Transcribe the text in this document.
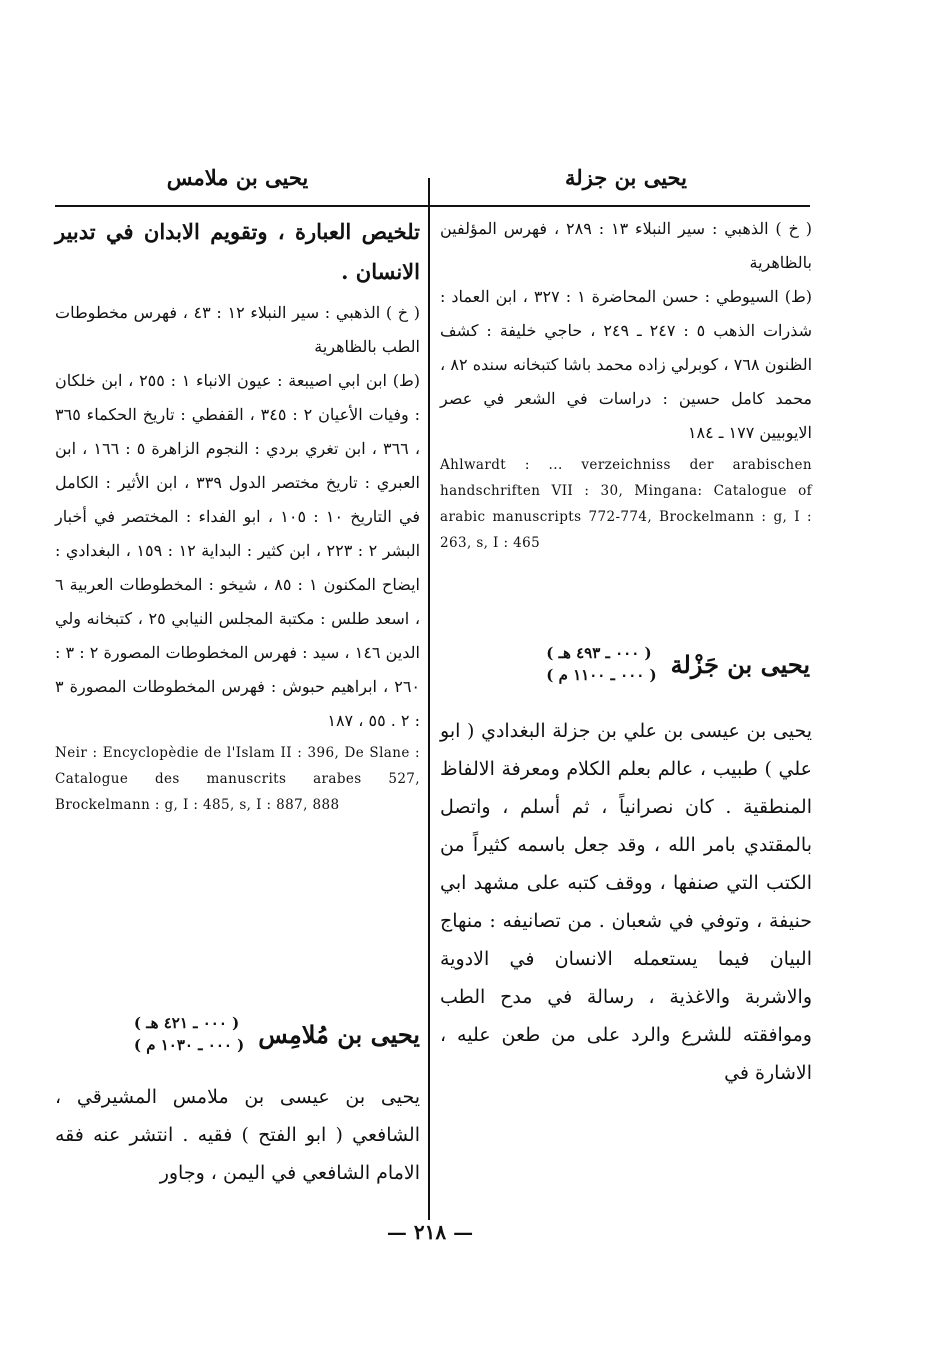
يحيى بن جزلة
يحيى بن ملامس

( خ ) الذهبي : سير النبلاء ١٣ : ٢٨٩ ، فهرس المؤلفين بالظاهرية

(ط) السيوطي : حسن المحاضرة ١ : ٣٢٧ ، ابن العماد : شذرات الذهب ٥ : ٢٤٧ ـ ٢٤٩ ، حاجي خليفة : كشف الظنون ٧٦٨ ، كوبرلي زاده محمد باشا كتبخانه سنده ٨٢ ، محمد كامل حسين : دراسات في الشعر في عصر الايوبيين ١٧٧ ـ ١٨٤

Ahlwardt : ... verzeichniss der arabischen handschriften VII : 30, Mingana: Catalogue of arabic manuscripts 772-774, Brockelmann : g, I : 263, s, I : 465

يحيى بن جَزْلة
( ٠٠٠ ـ ٤٩٣ هـ )
( ٠٠٠ ـ ١١٠٠ م )

يحيى بن عيسى بن علي بن جزلة البغدادي ( ابو علي ) طبيب ، عالم بعلم الكلام ومعرفة الالفاظ المنطقية . كان نصرانياً ، ثم أسلم ، واتصل بالمقتدي بامر الله ، وقد جعل باسمه كثيراً من الكتب التي صنفها ، ووقف كتبه على مشهد ابي حنيفة ، وتوفي في شعبان . من تصانيفه : منهاج البيان فيما يستعمله الانسان في الادوية والاشربة والاغذية ، رسالة في مدح الطب وموافقته للشرع والرد على من طعن عليه ، الاشارة في

تلخيص العبارة ، وتقويم الابدان في تدبير الانسان .

( خ ) الذهبي : سير النبلاء ١٢ : ٤٣ ، فهرس مخطوطات الطب بالظاهرية

(ط) ابن ابي اصيبعة : عيون الانباء ١ : ٢٥٥ ، ابن خلكان : وفيات الأعيان ٢ : ٣٤٥ ، القفطي : تاريخ الحكماء ٣٦٥ ، ٣٦٦ ، ابن تغري بردي : النجوم الزاهرة ٥ : ١٦٦ ، ابن العبري : تاريخ مختصر الدول ٣٣٩ ، ابن الأثير : الكامل في التاريخ ١٠ : ١٠٥ ، ابو الفداء : المختصر في أخبار البشر ٢ : ٢٢٣ ، ابن كثير : البداية ١٢ : ١٥٩ ، البغدادي : ايضاح المكنون ١ : ٨٥ ، شيخو : المخطوطات العربية ٦ ، اسعد طلس : مكتبة المجلس النيابي ٢٥ ، كتبخانه ولي الدين ١٤٦ ، سيد : فهرس المخطوطات المصورة ٢ : ٣ : ٢٦٠ ، ابراهيم حبوش : فهرس المخطوطات المصورة ٣ : ٢ . ٥٥ ، ١٨٧

Neir : Encyclopèdie de l'Islam II : 396, De Slane : Catalogue des manuscrits arabes 527, Brockelmann : g, I : 485, s, I : 887, 888

يحيى بن مُلامِس
( ٠٠٠ ـ ٤٢١ هـ )
( ٠٠٠ ـ ١٠٣٠ م )

يحيى بن عيسى بن ملامس المشيرقي ، الشافعي ( ابو الفتح ) فقيه . انتشر عنه فقه الامام الشافعي في اليمن ، وجاور

— ٢١٨ —
